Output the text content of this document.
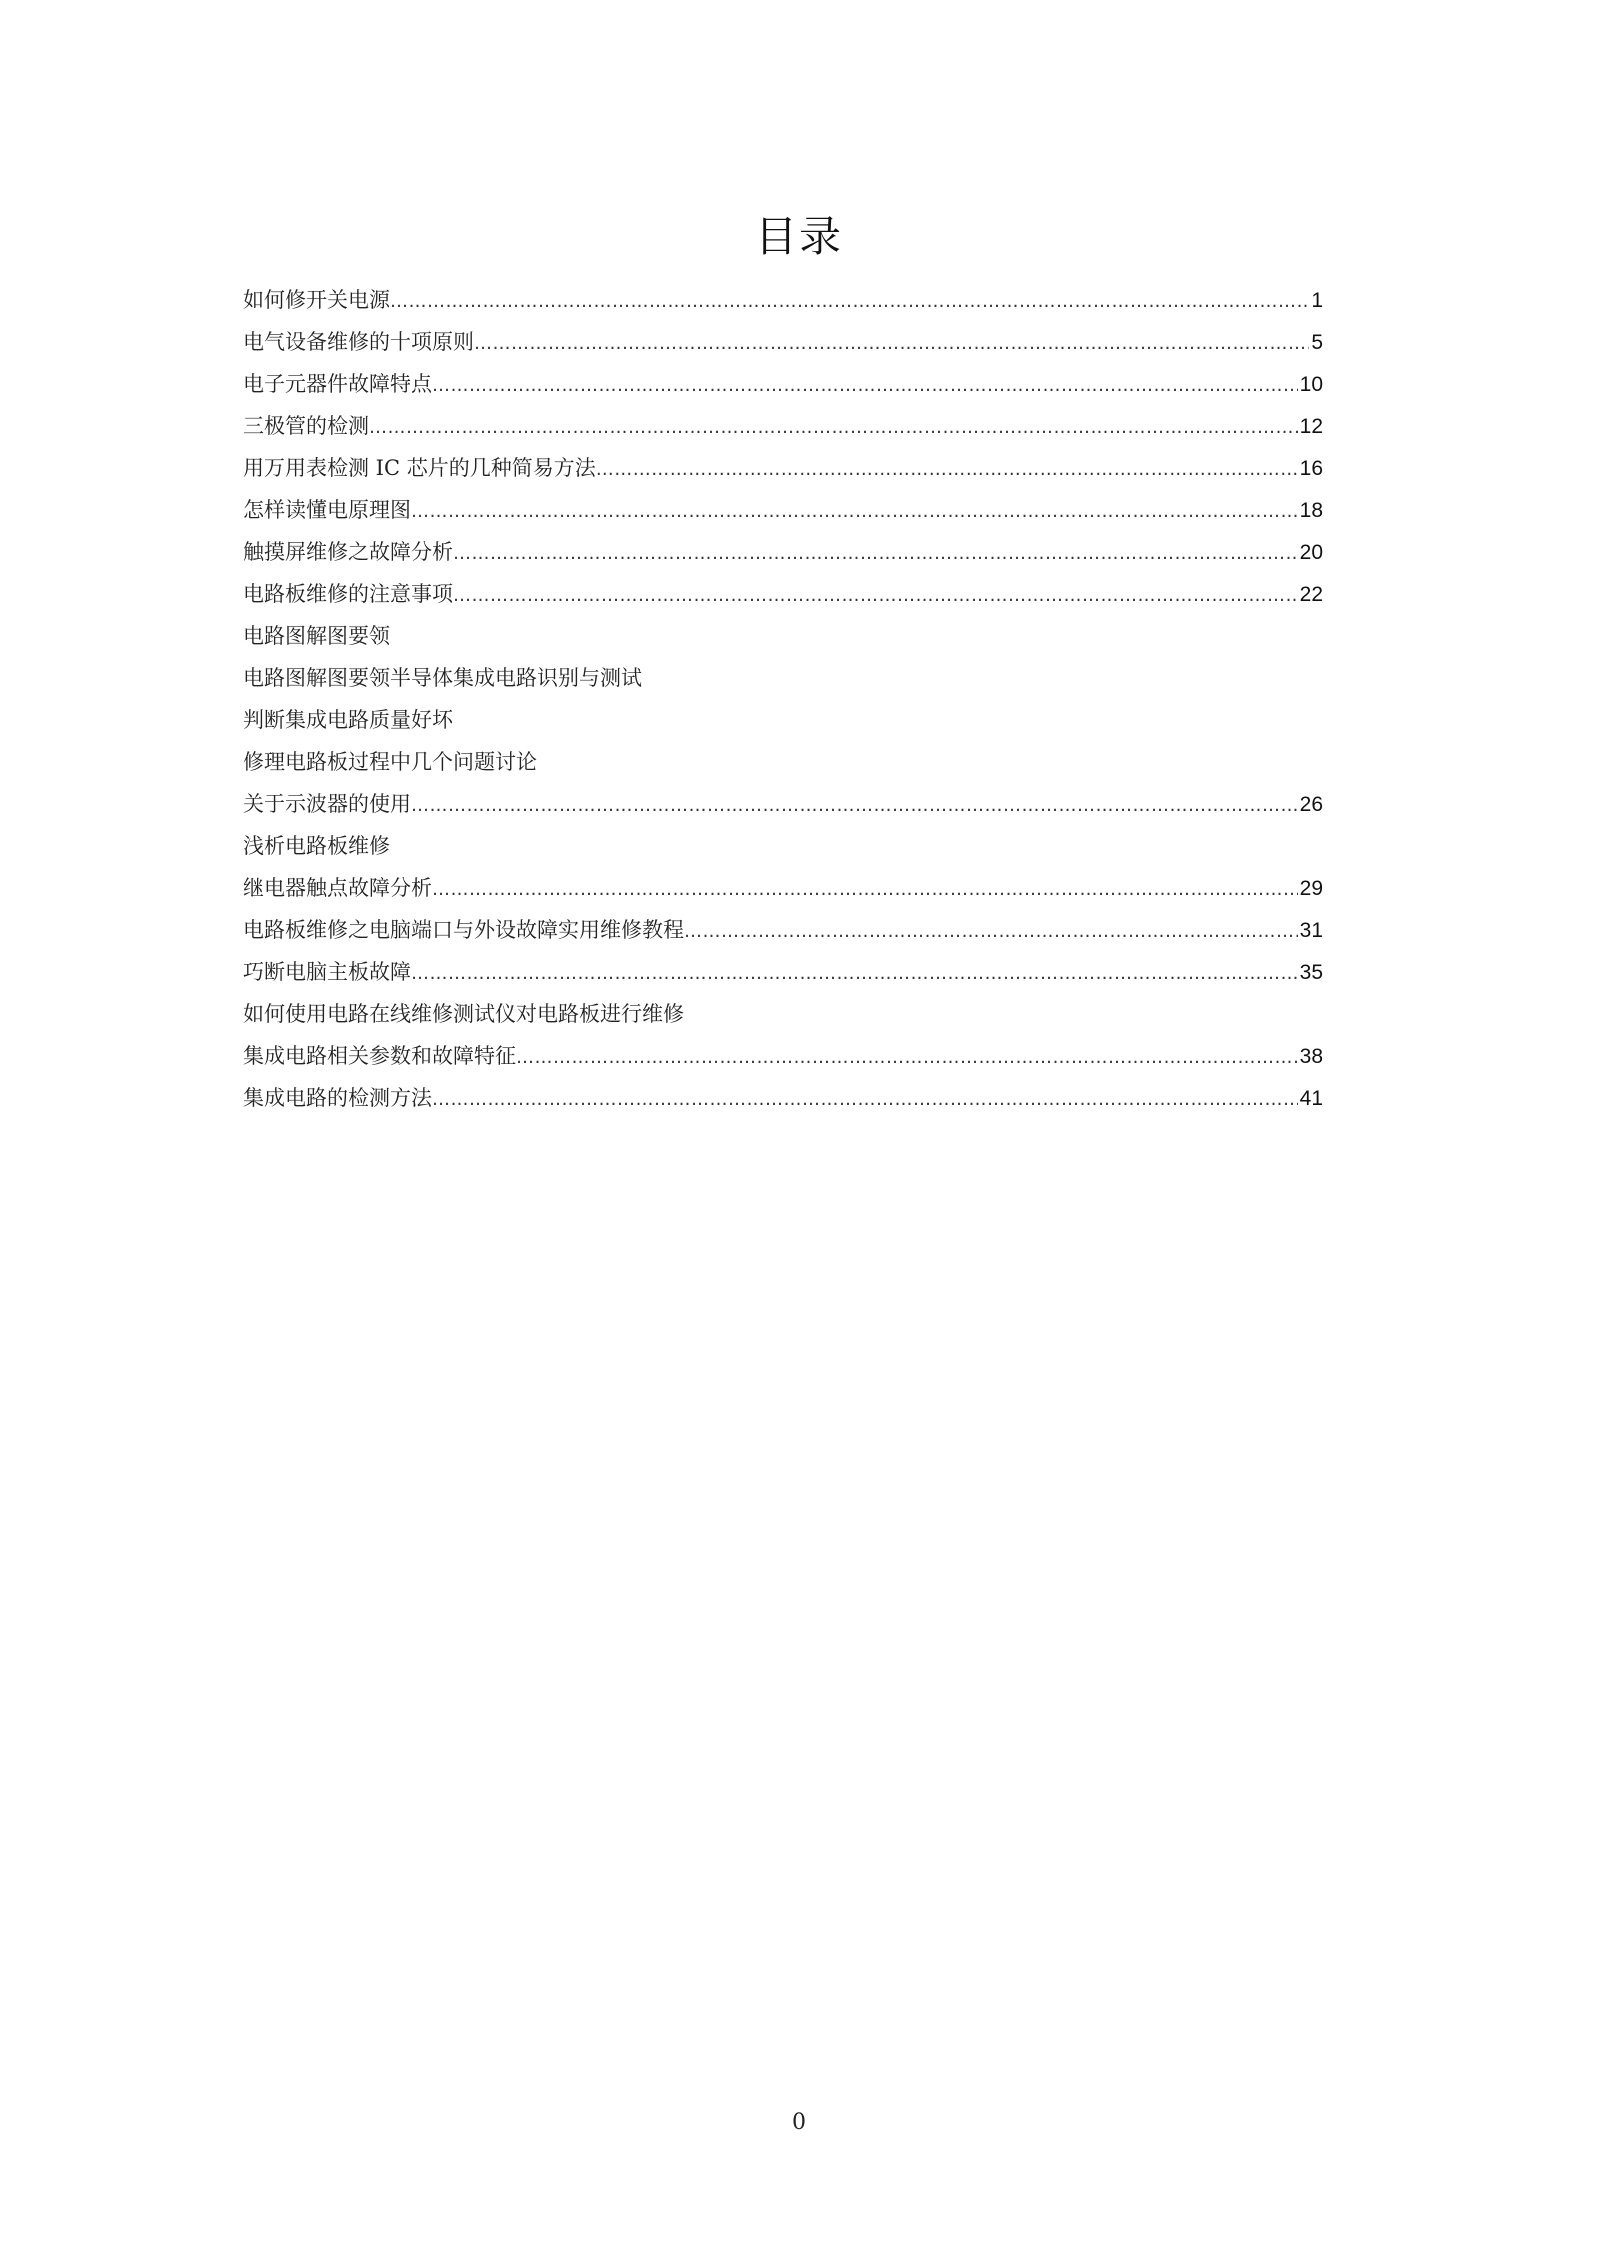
目录
如何修开关电源 ……………………………………………………………………………………………………………………………………………………………………………………………………………………………………………………………	1
电气设备维修的十项原则 ……………………………………………………………………………………………………………………………………………………………………………………………………………………………………………………………	5
电子元器件故障特点 ……………………………………………………………………………………………………………………………………………………………………………………………………………………………………………………………	10
三极管的检测 ……………………………………………………………………………………………………………………………………………………………………………………………………………………………………………………………	12
用万用表检测 IC 芯片的几种简易方法 ……………………………………………………………………………………………………………………………………………………………………………………………………………………………………………………………	16
怎样读懂电原理图 ……………………………………………………………………………………………………………………………………………………………………………………………………………………………………………………………	18
触摸屏维修之故障分析 ……………………………………………………………………………………………………………………………………………………………………………………………………………………………………………………………	20
电路板维修的注意事项 ……………………………………………………………………………………………………………………………………………………………………………………………………………………………………………………………	22
电路图解图要领
电路图解图要领半导体集成电路识别与测试
判断集成电路质量好坏
修理电路板过程中几个问题讨论
关于示波器的使用 ……………………………………………………………………………………………………………………………………………………………………………………………………………………………………………………………	26
浅析电路板维修
继电器触点故障分析 ……………………………………………………………………………………………………………………………………………………………………………………………………………………………………………………………	29
电路板维修之电脑端口与外设故障实用维修教程 ……………………………………………………………………………………………………………………………………………………………………………………………………………………………………………………………	31
巧断电脑主板故障 ……………………………………………………………………………………………………………………………………………………………………………………………………………………………………………………………	35
如何使用电路在线维修测试仪对电路板进行维修
集成电路相关参数和故障特征 ……………………………………………………………………………………………………………………………………………………………………………………………………………………………………………………………	38
集成电路的检测方法 ……………………………………………………………………………………………………………………………………………………………………………………………………………………………………………………………	41
0
